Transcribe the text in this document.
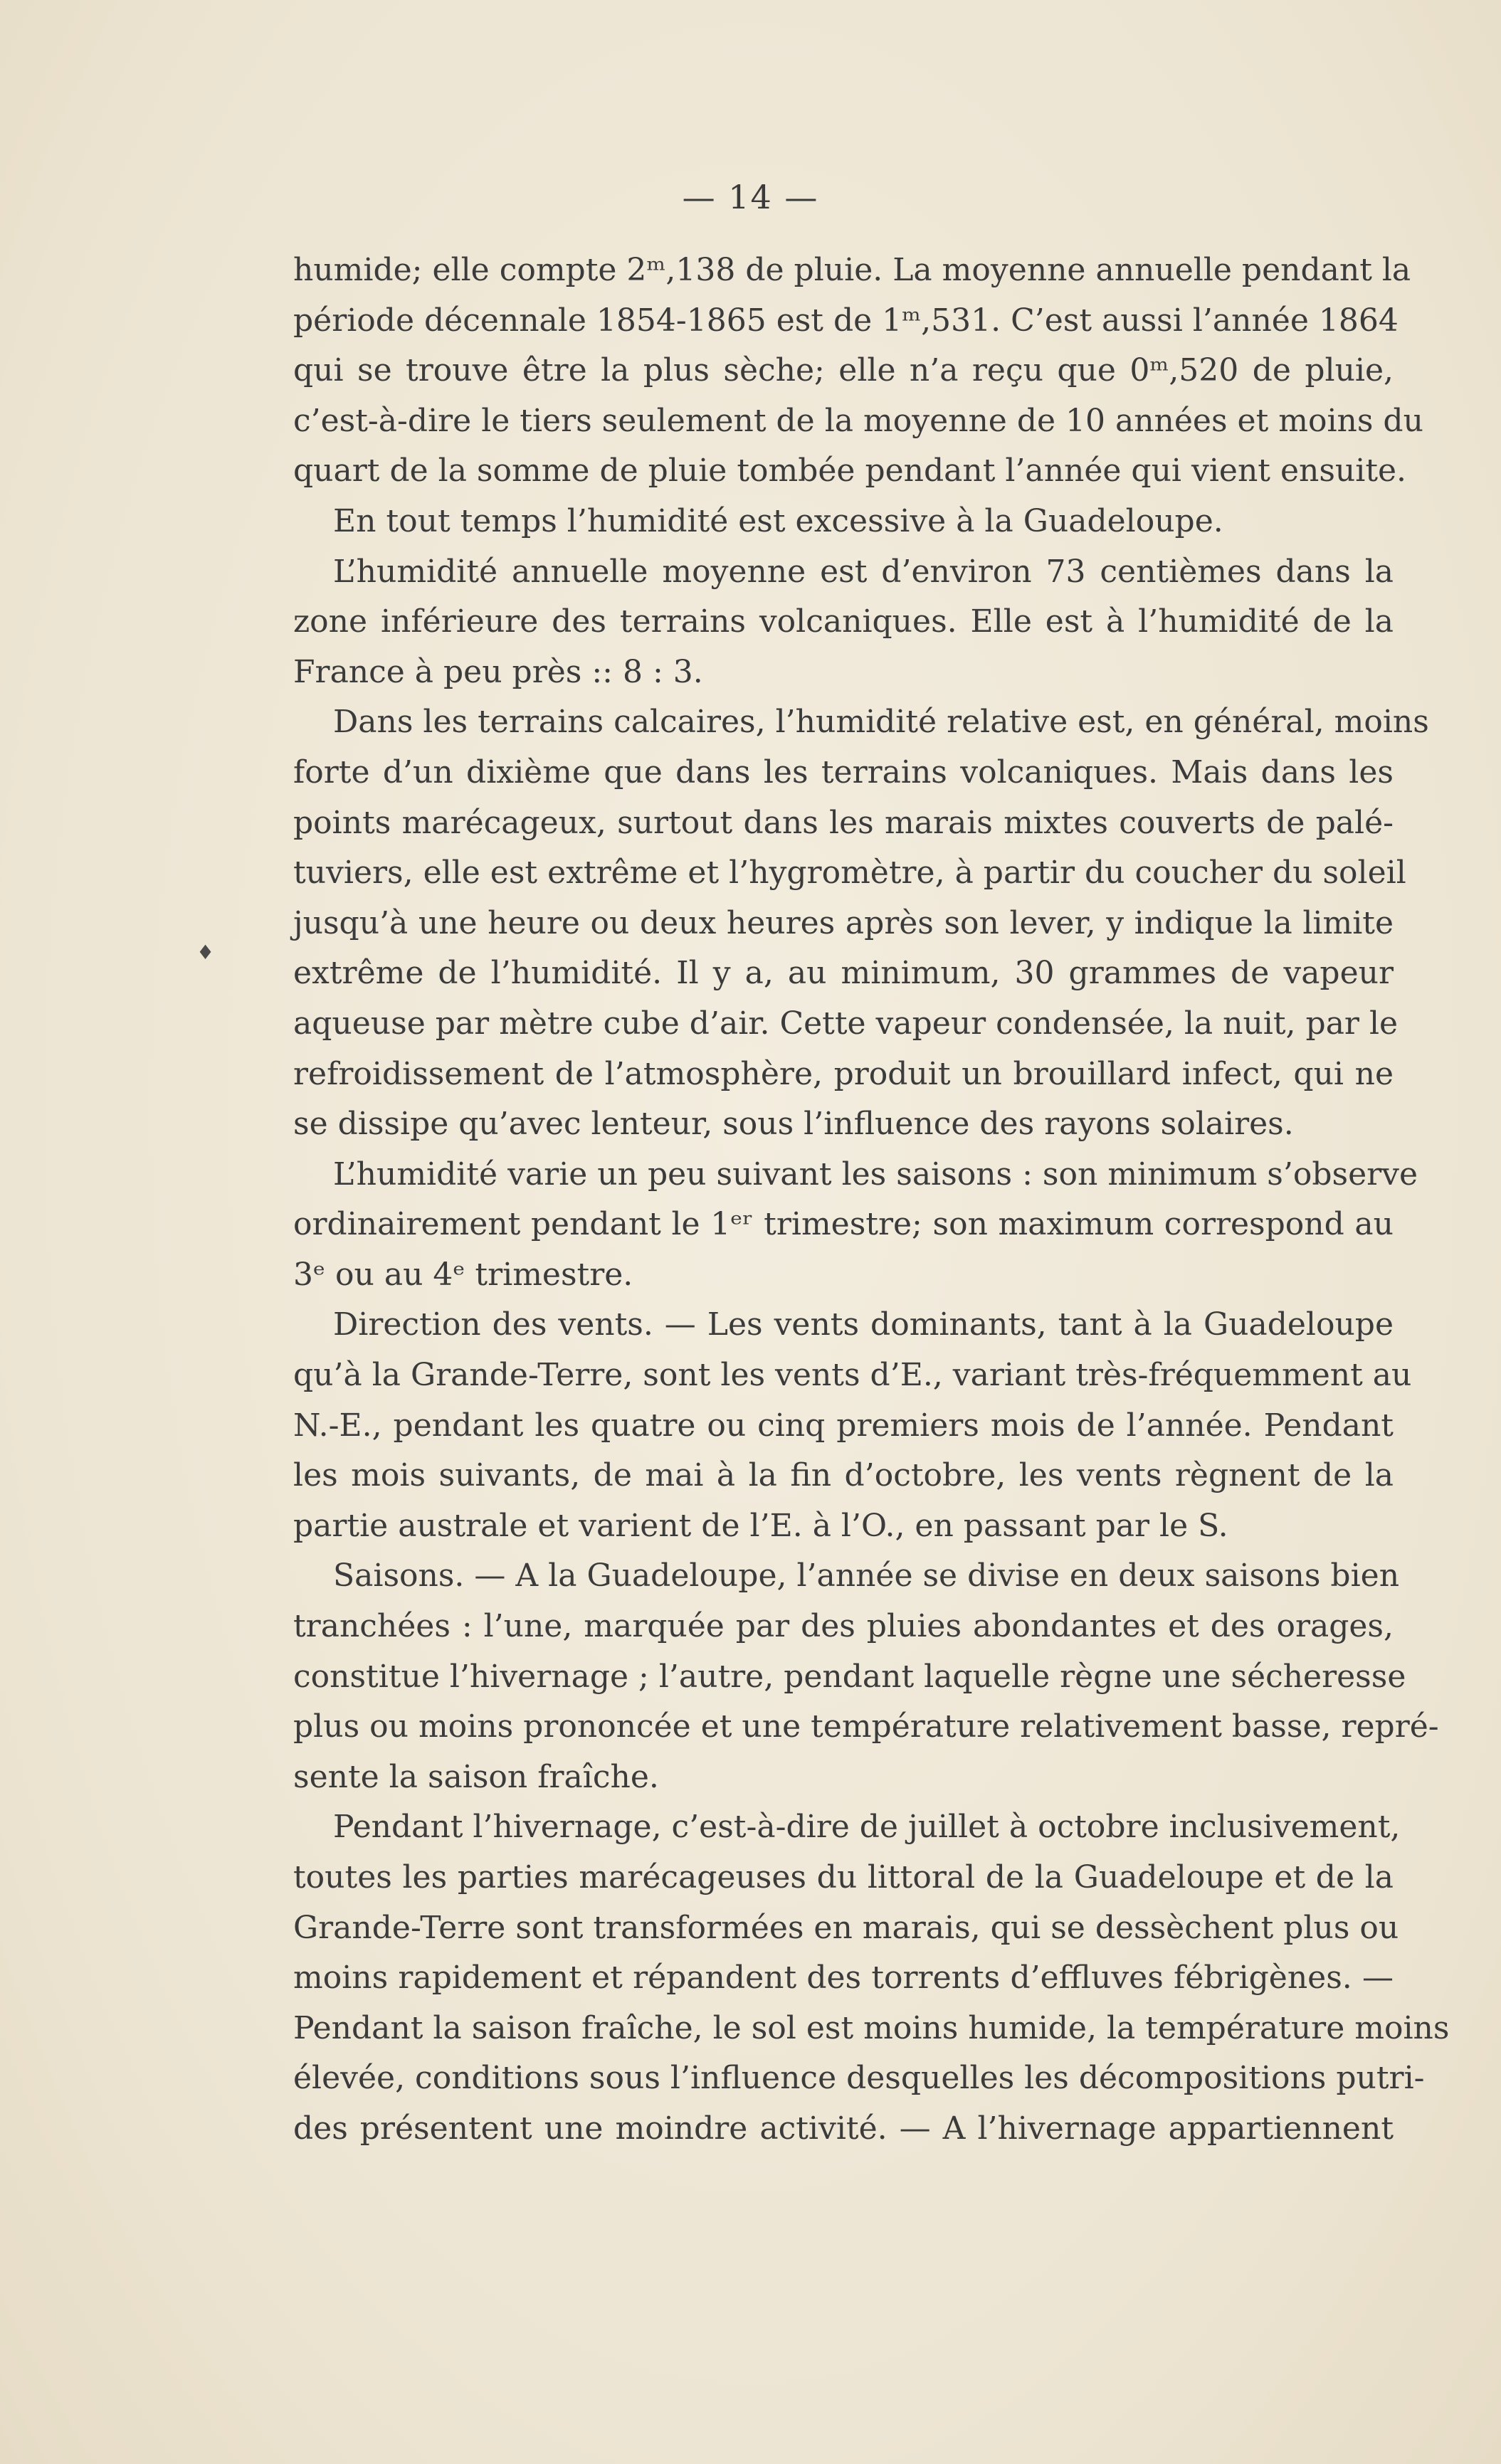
— 14 —
♦
humide; elle compte 2ᵐ,138 de pluie. La moyenne annuelle pendant la
période décennale 1854-1865 est de 1ᵐ,531. C’est aussi l’année 1864
qui se trouve être la plus sèche; elle n’a reçu que 0ᵐ,520 de pluie,
c’est-à-dire le tiers seulement de la moyenne de 10 années et moins du
quart de la somme de pluie tombée pendant l’année qui vient ensuite.
En tout temps l’humidité est excessive à la Guadeloupe.
L’humidité annuelle moyenne est d’environ 73 centièmes dans la
zone inférieure des terrains volcaniques. Elle est à l’humidité de la
France à peu près :: 8 : 3.
Dans les terrains calcaires, l’humidité relative est, en général, moins
forte d’un dixième que dans les terrains volcaniques. Mais dans les
points marécageux, surtout dans les marais mixtes couverts de palé-
tuviers, elle est extrême et l’hygromètre, à partir du coucher du soleil
jusqu’à une heure ou deux heures après son lever, y indique la limite
extrême de l’humidité. Il y a, au minimum, 30 grammes de vapeur
aqueuse par mètre cube d’air. Cette vapeur condensée, la nuit, par le
refroidissement de l’atmosphère, produit un brouillard infect, qui ne
se dissipe qu’avec lenteur, sous l’influence des rayons solaires.
L’humidité varie un peu suivant les saisons : son minimum s’observe
ordinairement pendant le 1ᵉʳ trimestre; son maximum correspond au
3ᵉ ou au 4ᵉ trimestre.
Direction des vents. — Les vents dominants, tant à la Guadeloupe
qu’à la Grande-Terre, sont les vents d’E., variant très-fréquemment au
N.-E., pendant les quatre ou cinq premiers mois de l’année. Pendant
les mois suivants, de mai à la fin d’octobre, les vents règnent de la
partie australe et varient de l’E. à l’O., en passant par le S.
Saisons. — A la Guadeloupe, l’année se divise en deux saisons bien
tranchées : l’une, marquée par des pluies abondantes et des orages,
constitue l’hivernage ; l’autre, pendant laquelle règne une sécheresse
plus ou moins prononcée et une température relativement basse, repré-
sente la saison fraîche.
Pendant l’hivernage, c’est-à-dire de juillet à octobre inclusivement,
toutes les parties marécageuses du littoral de la Guadeloupe et de la
Grande-Terre sont transformées en marais, qui se dessèchent plus ou
moins rapidement et répandent des torrents d’effluves fébrigènes. —
Pendant la saison fraîche, le sol est moins humide, la température moins
élevée, conditions sous l’influence desquelles les décompositions putri-
des présentent une moindre activité. — A l’hivernage appartiennent
